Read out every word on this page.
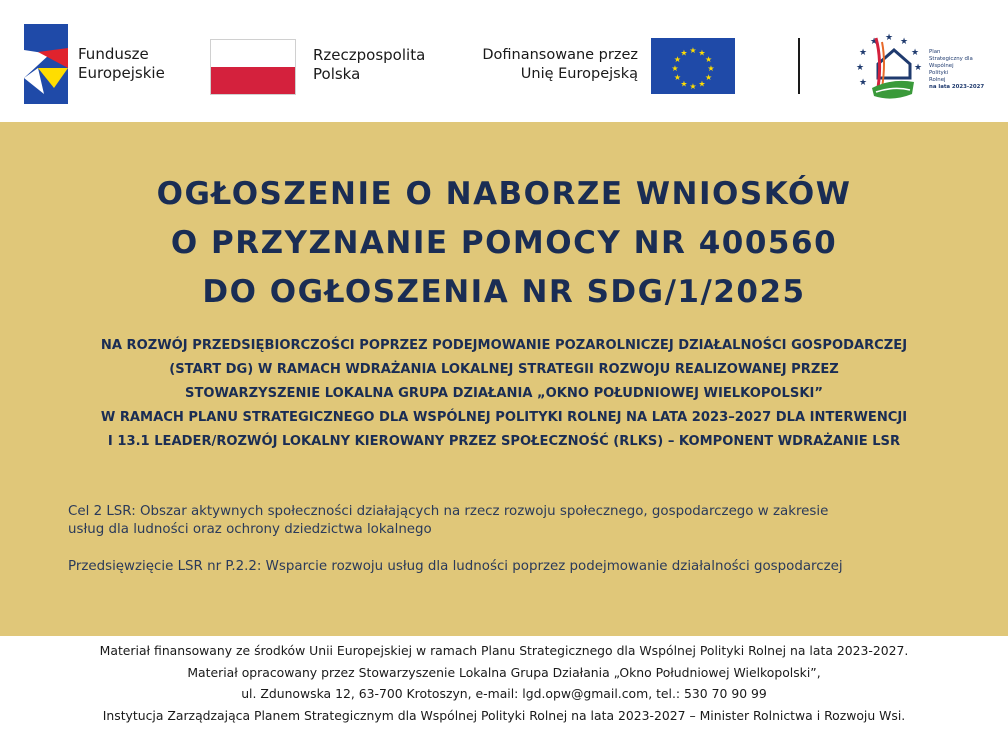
Fundusze
Europejskie
Rzeczpospolita
Polska
Dofinansowane przez
Unię Europejską
★ ★
★
★
★
★
★
★
★
★
★
★
★ ★
★
★
★
★
★
★
Plan
Strategiczny dla
Wspólnej
Polityki
Rolnej
na lata 2023-2027
OGŁOSZENIE O NABORZE WNIOSKÓW
O PRZYZNANIE POMOCY NR 400560
DO OGŁOSZENIA NR SDG/1/2025
NA ROZWÓJ PRZEDSIĘBIORCZOŚCI POPRZEZ PODEJMOWANIE POZAROLNICZEJ DZIAŁALNOŚCI GOSPODARCZEJ
(START DG) W RAMACH WDRAŻANIA LOKALNEJ STRATEGII ROZWOJU REALIZOWANEJ PRZEZ
STOWARZYSZENIE LOKALNA GRUPA DZIAŁANIA „OKNO POŁUDNIOWEJ WIELKOPOLSKI”
W RAMACH PLANU STRATEGICZNEGO DLA WSPÓLNEJ POLITYKI ROLNEJ NA LATA 2023–2027 DLA INTERWENCJI
I 13.1 LEADER/ROZWÓJ LOKALNY KIEROWANY PRZEZ SPOŁECZNOŚĆ (RLKS) – KOMPONENT WDRAŻANIE LSR
Cel 2 LSR: Obszar aktywnych społeczności działających na rzecz rozwoju społecznego, gospodarczego w zakresie
usług dla ludności oraz ochrony dziedzictwa lokalnego
Przedsięwzięcie LSR nr P.2.2: Wsparcie rozwoju usług dla ludności poprzez podejmowanie działalności gospodarczej
Materiał finansowany ze środków Unii Europejskiej w ramach Planu Strategicznego dla Wspólnej Polityki Rolnej na lata 2023-2027.
Materiał opracowany przez Stowarzyszenie Lokalna Grupa Działania „Okno Południowej Wielkopolski”,
ul. Zdunowska 12, 63-700 Krotoszyn, e-mail: lgd.opw@gmail.com, tel.: 530 70 90 99
Instytucja Zarządzająca Planem Strategicznym dla Wspólnej Polityki Rolnej na lata 2023-2027 – Minister Rolnictwa i Rozwoju Wsi.
